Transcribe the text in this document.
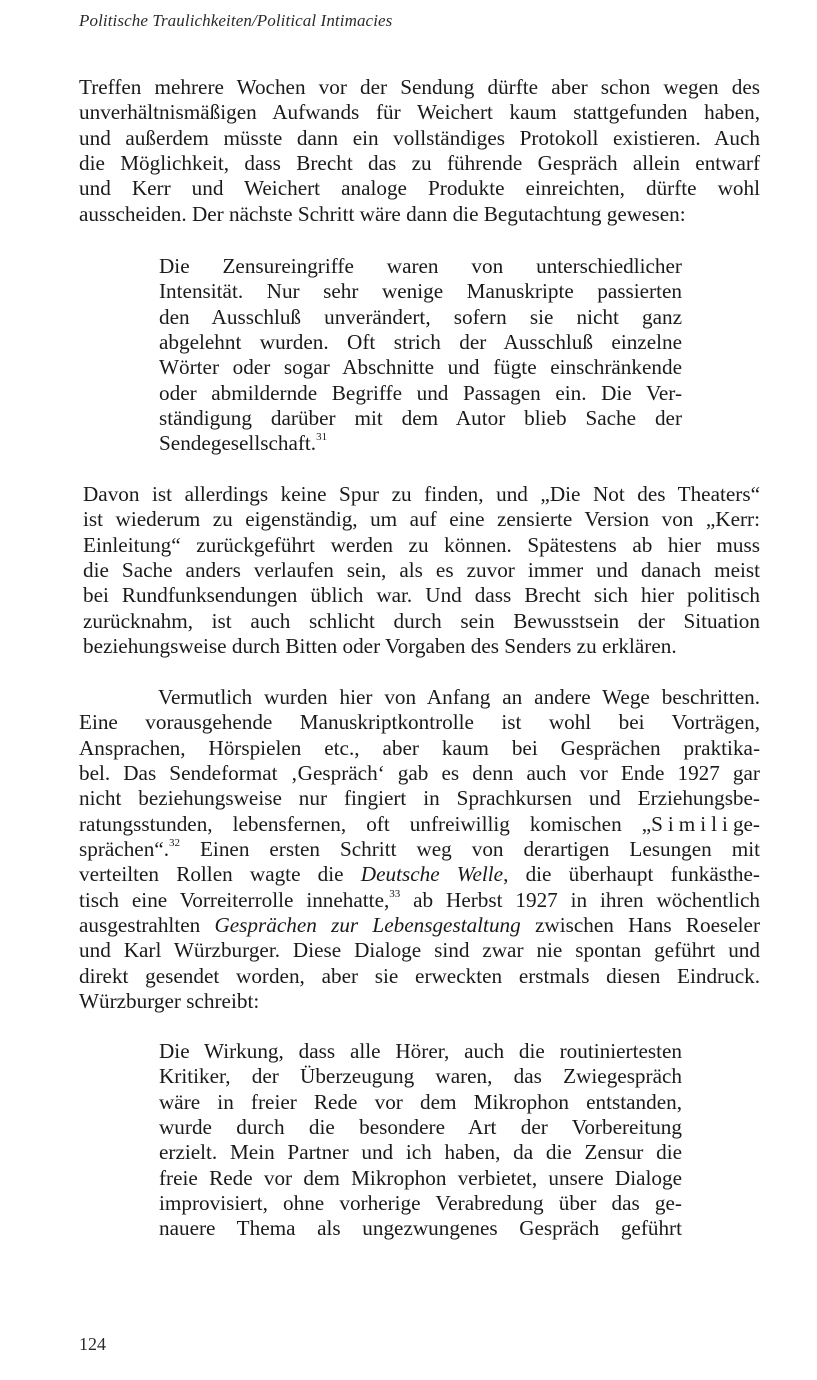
Politische Traulichkeiten/Political Intimacies

Treffen mehrere Wochen vor der Sendung dürfte aber schon wegen des
unverhältnismäßigen Aufwands für Weichert kaum stattgefunden haben,
und außerdem müsste dann ein vollständiges Protokoll existieren. Auch
die Möglichkeit, dass Brecht das zu führende Gespräch allein entwarf
und Kerr und Weichert analoge Produkte einreichten, dürfte wohl
ausscheiden. Der nächste Schritt wäre dann die Begutachtung gewesen:

Die Zensureingriffe waren von unterschiedlicher
Intensität. Nur sehr wenige Manuskripte passierten
den Ausschluß unverändert, sofern sie nicht ganz
abgelehnt wurden. Oft strich der Ausschluß einzelne
Wörter oder sogar Abschnitte und fügte einschränkende
oder abmildernde Begriffe und Passagen ein. Die Ver-
ständigung darüber mit dem Autor blieb Sache der
Sendegesellschaft.$^{31}$

Davon ist allerdings keine Spur zu finden, und „Die Not des Theaters“
ist wiederum zu eigenständig, um auf eine zensierte Version von „Kerr:
Einleitung“ zurückgeführt werden zu können. Spätestens ab hier muss
die Sache anders verlaufen sein, als es zuvor immer und danach meist
bei Rundfunksendungen üblich war. Und dass Brecht sich hier politisch
zurücknahm, ist auch schlicht durch sein Bewusstsein der Situation
beziehungsweise durch Bitten oder Vorgaben des Senders zu erklären.

Vermutlich wurden hier von Anfang an andere Wege beschritten.
Eine vorausgehende Manuskriptkontrolle ist wohl bei Vorträgen,
Ansprachen, Hörspielen etc., aber kaum bei Gesprächen praktika-
bel. Das Sendeformat ‚Gespräch‘ gab es denn auch vor Ende 1927 gar
nicht beziehungsweise nur fingiert in Sprachkursen und Erziehungsbe-
ratungsstunden, lebensfernen, oft unfreiwillig komischen „Similige-
sprächen“.$^{32}$ Einen ersten Schritt weg von derartigen Lesungen mit
verteilten Rollen wagte die Deutsche Welle, die überhaupt funkästhe-
tisch eine Vorreiterrolle innehatte,$^{33}$ ab Herbst 1927 in ihren wöchentlich
ausgestrahlten Gesprächen zur Lebensgestaltung zwischen Hans Roeseler
und Karl Würzburger. Diese Dialoge sind zwar nie spontan geführt und
direkt gesendet worden, aber sie erweckten erstmals diesen Eindruck.
Würzburger schreibt:

Die Wirkung, dass alle Hörer, auch die routiniertesten
Kritiker, der Überzeugung waren, das Zwiegespräch
wäre in freier Rede vor dem Mikrophon entstanden,
wurde durch die besondere Art der Vorbereitung
erzielt. Mein Partner und ich haben, da die Zensur die
freie Rede vor dem Mikrophon verbietet, unsere Dialoge
improvisiert, ohne vorherige Verabredung über das ge-
nauere Thema als ungezwungenes Gespräch geführt

124
